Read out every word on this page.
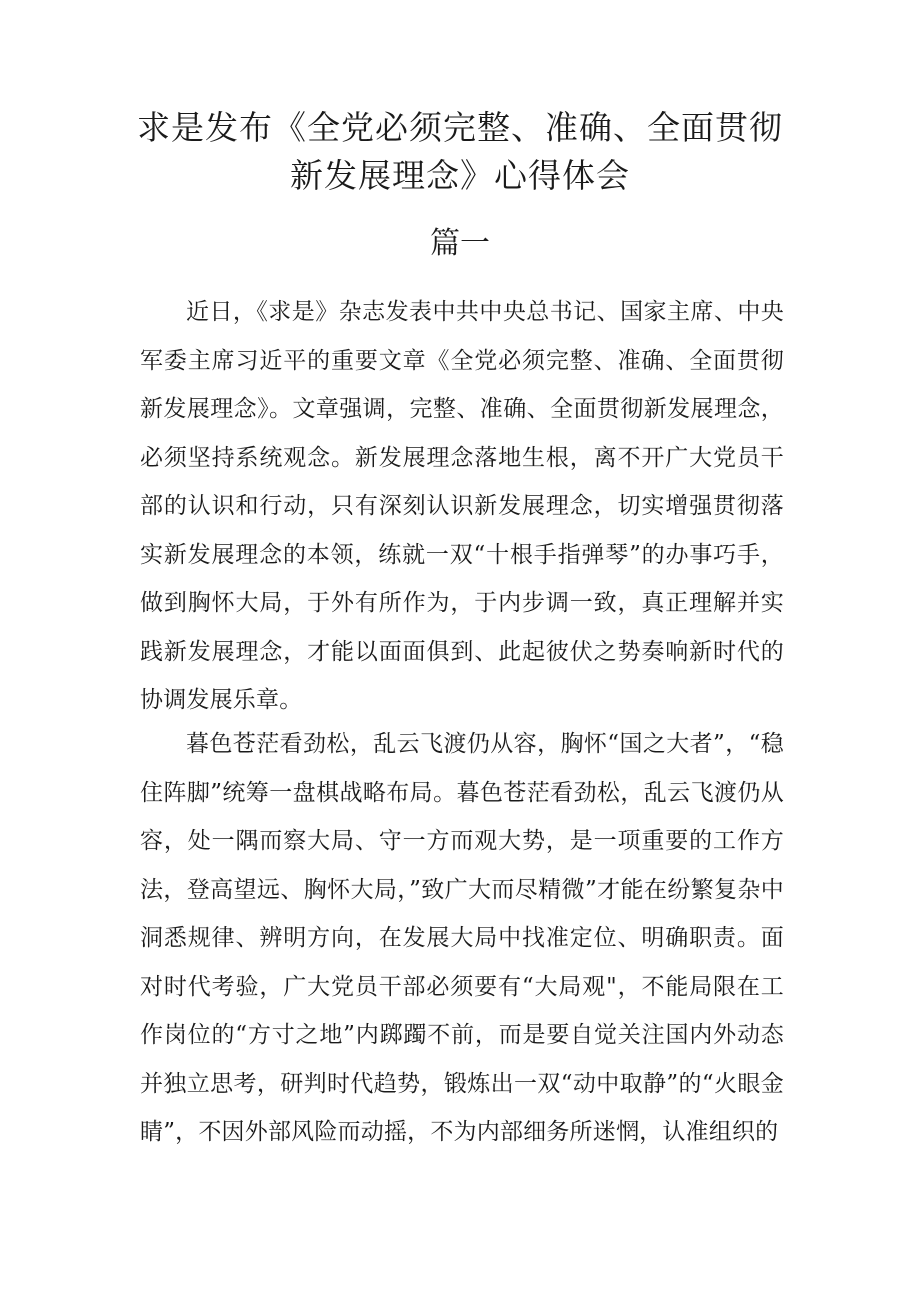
求是发布《全党必须完整、准确、全面贯彻
新发展理念》心得体会
篇一

近日，《求是》杂志发表中共中央总书记、国家主席、中央军委主席习近平的重要文章《全党必须完整、准确、全面贯彻新发展理念》。文章强调，完整、准确、全面贯彻新发展理念，必须坚持系统观念。新发展理念落地生根，离不开广大党员干部的认识和行动，只有深刻认识新发展理念，切实增强贯彻落实新发展理念的本领，练就一双“十根手指弹琴”的办事巧手，做到胸怀大局，于外有所作为，于内步调一致，真正理解并实践新发展理念，才能以面面俱到、此起彼伏之势奏响新时代的协调发展乐章。

暮色苍茫看劲松，乱云飞渡仍从容，胸怀“国之大者”，“稳住阵脚”统筹一盘棋战略布局。暮色苍茫看劲松，乱云飞渡仍从容，处一隅而察大局、守一方而观大势，是一项重要的工作方法，登高望远、胸怀大局，”致广大而尽精微”才能在纷繁复杂中洞悉规律、辨明方向，在发展大局中找准定位、明确职责。面对时代考验，广大党员干部必须要有“大局观"，不能局限在工作岗位的“方寸之地”内踯躅不前，而是要自觉关注国内外动态并独立思考，研判时代趋势，锻炼出一双“动中取静”的“火眼金睛”，不因外部风险而动摇，不为内部细务所迷惘，认准组织的
